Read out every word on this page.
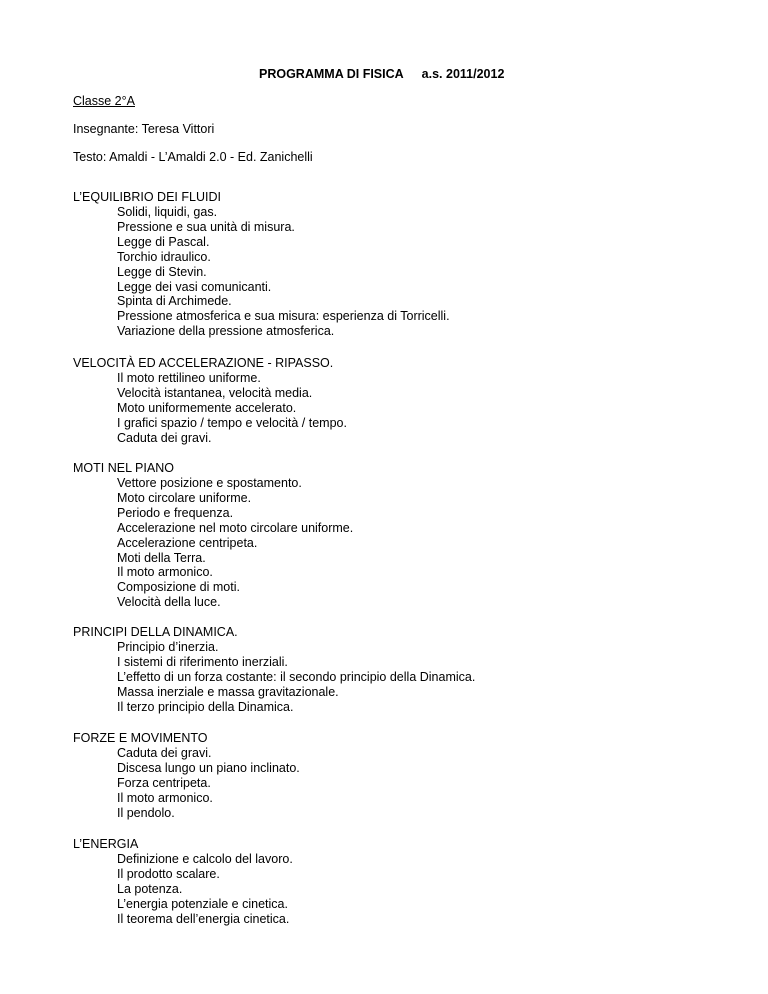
PROGRAMMA DI FISICA a.s. 2011/2012
Classe 2°A
Insegnante: Teresa Vittori
Testo: Amaldi - L’Amaldi 2.0 - Ed. Zanichelli
L’EQUILIBRIO DEI FLUIDI
Solidi, liquidi, gas.
Pressione e sua unità di misura.
Legge di Pascal.
Torchio idraulico.
Legge di Stevin.
Legge dei vasi comunicanti.
Spinta di Archimede.
Pressione atmosferica e sua misura: esperienza di Torricelli.
Variazione della pressione atmosferica.
VELOCITÀ ED ACCELERAZIONE - RIPASSO.
Il moto rettilineo uniforme.
Velocità istantanea, velocità media.
Moto uniformemente accelerato.
I grafici spazio / tempo e velocità / tempo.
Caduta dei gravi.
MOTI NEL PIANO
Vettore posizione e spostamento.
Moto circolare uniforme.
Periodo e frequenza.
Accelerazione nel moto circolare uniforme.
Accelerazione centripeta.
Moti della Terra.
Il moto armonico.
Composizione di moti.
Velocità della luce.
PRINCIPI DELLA DINAMICA.
Principio d’inerzia.
I sistemi di riferimento inerziali.
L’effetto di un forza costante: il secondo principio della Dinamica.
Massa inerziale e massa gravitazionale.
Il terzo principio della Dinamica.
FORZE E MOVIMENTO
Caduta dei gravi.
Discesa lungo un piano inclinato.
Forza centripeta.
Il moto armonico.
Il pendolo.
L’ENERGIA
Definizione e calcolo del lavoro.
Il prodotto scalare.
La potenza.
L’energia potenziale e cinetica.
Il teorema dell’energia cinetica.
